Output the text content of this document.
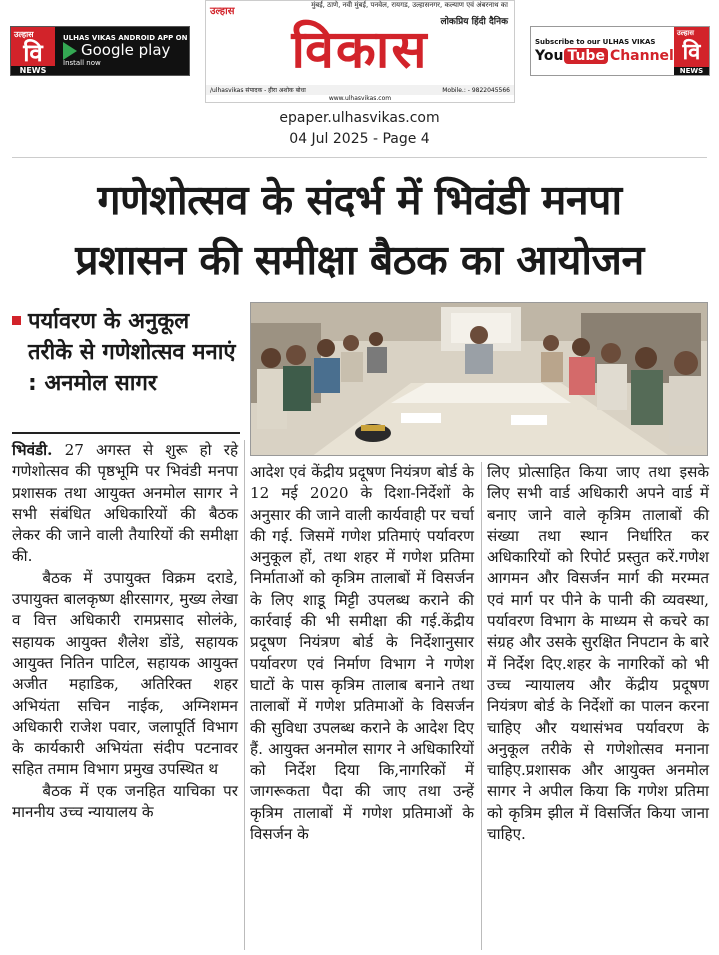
उल्हास
वि
NEWS
ULHAS VIKAS ANDROID APP ON
Google play
Install now
मुंबई, ठाणे, नवी मुंबई, पनवेल, रायगड, उल्हासनगर, कल्याण एवं अंबरनाथ का
उल्हास
लोकप्रिय हिंदी दैनिक
विकास
/ulhasvikas संपादक - हीरा अशोक बोधा	Mobile.: - 9822045566
www.ulhasvikas.com
Subscribe to our ULHAS VIKAS
You Tube Channel
उल्हास
वि
NEWS
epaper.ulhasvikas.com
04 Jul 2025 - Page 4
गणेशोत्सव के संदर्भ में भिवंडी मनपा
प्रशासन की समीक्षा बैठक का आयोजन
पर्यावरण के अनुकूल तरीके से गणेशोत्सव मनाएं : अनमोल सागर

भिवंडी. 27 अगस्त से शुरू हो रहे गणेशोत्सव की पृष्ठभूमि पर भिवंडी मनपा प्रशासक तथा आयुक्त अनमोल सागर ने सभी संबंधित अधिकारियों की बैठक लेकर की जाने वाली तैयारियों की समीक्षा की.

बैठक में उपायुक्त विक्रम दराडे, उपायुक्त बालकृष्ण क्षीरसागर, मुख्य लेखा व वित्त अधिकारी रामप्रसाद सोलंके, सहायक आयुक्त शैलेश डोंडे, सहायक आयुक्त नितिन पाटिल, सहायक आयुक्त अजीत महाडिक, अतिरिक्त शहर अभियंता सचिन नाईक, अग्निशमन अधिकारी राजेश पवार, जलापूर्ति विभाग के कार्यकारी अभियंता संदीप पटनावर सहित तमाम विभाग प्रमुख उपस्थित थ

बैठक में एक जनहित याचिका पर माननीय उच्च न्यायालय के

आदेश एवं केंद्रीय प्रदूषण नियंत्रण बोर्ड के 12 मई 2020 के दिशा-निर्देशों के अनुसार की जाने वाली कार्यवाही पर चर्चा की गई. जिसमें गणेश प्रतिमाएं पर्यावरण अनुकूल हों, तथा शहर में गणेश प्रतिमा निर्माताओं को कृत्रिम तालाबों में विसर्जन के लिए शाडू मिट्टी उपलब्ध कराने की कार्रवाई की भी समीक्षा की गई.केंद्रीय प्रदूषण नियंत्रण बोर्ड के निर्देशानुसार पर्यावरण एवं निर्माण विभाग ने गणेश घाटों के पास कृत्रिम तालाब बनाने तथा तालाबों में गणेश प्रतिमाओं के विसर्जन की सुविधा उपलब्ध कराने के आदेश दिए हैं. आयुक्त अनमोल सागर ने अधिकारियों को निर्देश दिया कि,नागरिकों में जागरूकता पैदा की जाए तथा उन्हें कृत्रिम तालाबों में गणेश प्रतिमाओं के विसर्जन के

लिए प्रोत्साहित किया जाए तथा इसके लिए सभी वार्ड अधिकारी अपने वार्ड में बनाए जाने वाले कृत्रिम तालाबों की संख्या तथा स्थान निर्धारित कर अधिकारियों को रिपोर्ट प्रस्तुत करें.गणेश आगमन और विसर्जन मार्ग की मरम्मत एवं मार्ग पर पीने के पानी की व्यवस्था, पर्यावरण विभाग के माध्यम से कचरे का संग्रह और उसके सुरक्षित निपटान के बारे में निर्देश दिए.शहर के नागरिकों को भी उच्च न्यायालय और केंद्रीय प्रदूषण नियंत्रण बोर्ड के निर्देशों का पालन करना चाहिए और यथासंभव पर्यावरण के अनुकूल तरीके से गणेशोत्सव मनाना चाहिए.प्रशासक और आयुक्त अनमोल सागर ने अपील किया कि गणेश प्रतिमा को कृत्रिम झील में विसर्जित किया जाना चाहिए.
